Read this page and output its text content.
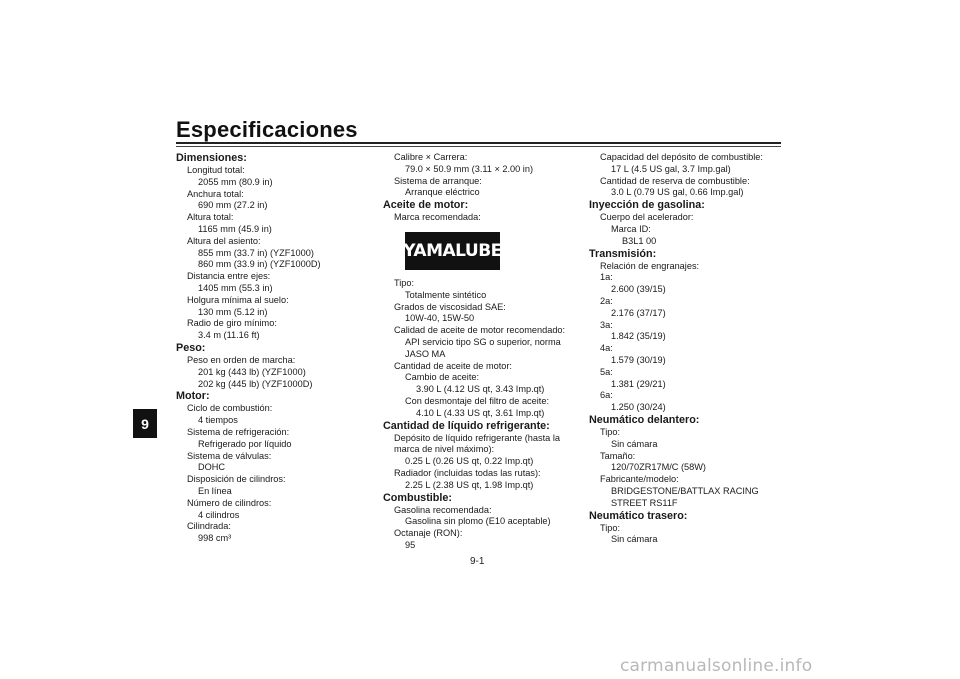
Especificaciones
9
Dimensiones:
Longitud total:
2055 mm (80.9 in)
Anchura total:
690 mm (27.2 in)
Altura total:
1165 mm (45.9 in)
Altura del asiento:
855 mm (33.7 in) (YZF1000)
860 mm (33.9 in) (YZF1000D)
Distancia entre ejes:
1405 mm (55.3 in)
Holgura mínima al suelo:
130 mm (5.12 in)
Radio de giro mínimo:
3.4 m (11.16 ft)
Peso:
Peso en orden de marcha:
201 kg (443 lb) (YZF1000)
202 kg (445 lb) (YZF1000D)
Motor:
Ciclo de combustión:
4 tiempos
Sistema de refrigeración:
Refrigerado por líquido
Sistema de válvulas:
DOHC
Disposición de cilindros:
En línea
Número de cilindros:
4 cilindros
Cilindrada:
998 cm³
Calibre × Carrera:
79.0 × 50.9 mm (3.11 × 2.00 in)
Sistema de arranque:
Arranque eléctrico
Aceite de motor:
Marca recomendada:
YAMALUBE
Tipo:
Totalmente sintético
Grados de viscosidad SAE:
10W-40, 15W-50
Calidad de aceite de motor recomendado:
API servicio tipo SG o superior, norma
JASO MA
Cantidad de aceite de motor:
Cambio de aceite:
3.90 L (4.12 US qt, 3.43 Imp.qt)
Con desmontaje del filtro de aceite:
4.10 L (4.33 US qt, 3.61 Imp.qt)
Cantidad de líquido refrigerante:
Depósito de líquido refrigerante (hasta la
marca de nivel máximo):
0.25 L (0.26 US qt, 0.22 Imp.qt)
Radiador (incluidas todas las rutas):
2.25 L (2.38 US qt, 1.98 Imp.qt)
Combustible:
Gasolina recomendada:
Gasolina sin plomo (E10 aceptable)
Octanaje (RON):
95
Capacidad del depósito de combustible:
17 L (4.5 US gal, 3.7 Imp.gal)
Cantidad de reserva de combustible:
3.0 L (0.79 US gal, 0.66 Imp.gal)
Inyección de gasolina:
Cuerpo del acelerador:
Marca ID:
B3L1 00
Transmisión:
Relación de engranajes:
1a:
2.600 (39/15)
2a:
2.176 (37/17)
3a:
1.842 (35/19)
4a:
1.579 (30/19)
5a:
1.381 (29/21)
6a:
1.250 (30/24)
Neumático delantero:
Tipo:
Sin cámara
Tamaño:
120/70ZR17M/C (58W)
Fabricante/modelo:
BRIDGESTONE/BATTLAX RACING
STREET RS11F
Neumático trasero:
Tipo:
Sin cámara
9-1
carmanualsonline.info
